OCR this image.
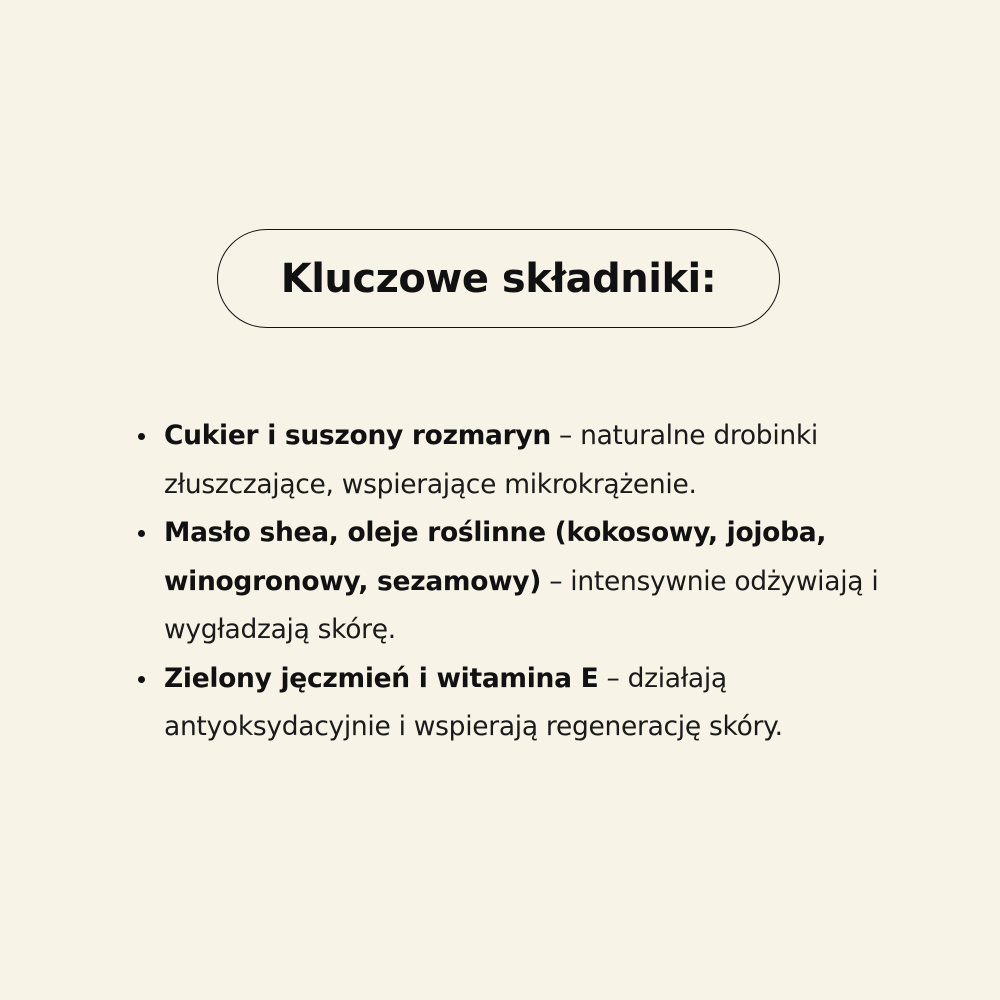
Kluczowe składniki:
Cukier i suszony rozmaryn – naturalne drobinki złuszczające, wspierające mikrokrążenie.
Masło shea, oleje roślinne (kokosowy, jojoba, winogronowy, sezamowy) – intensywnie odżywiają i wygładzają skórę.
Zielony jęczmień i witamina E – działają antyoksydacyjnie i wspierają regenerację skóry.
